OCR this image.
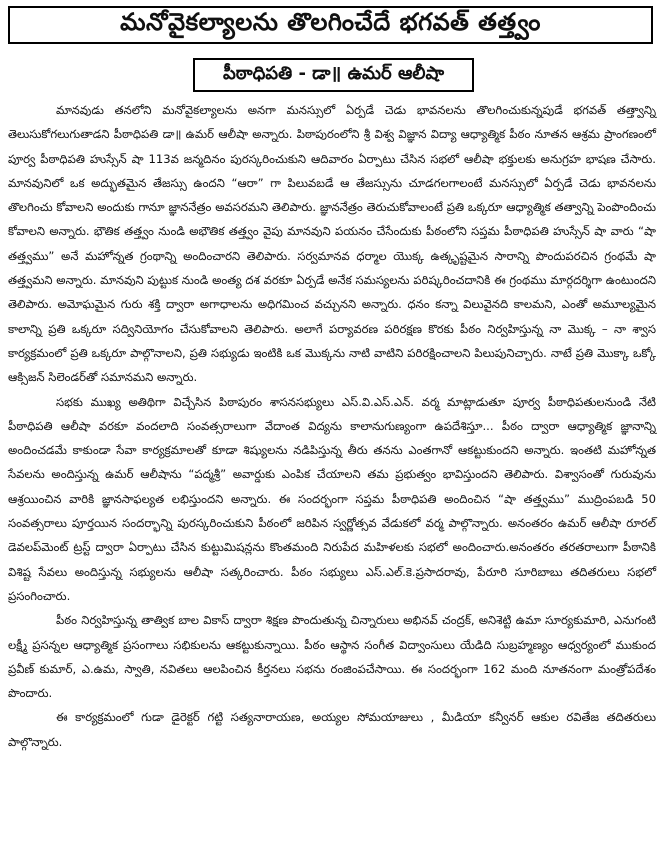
మనోవైకల్యాలను తొలగించేదే భగవత్ తత్త్వం
పీఠాధిపతి - డా॥ ఉమర్ ఆలీషా

మానవుడు తనలోని మనోవైకల్యాలను అనగా మనస్సులో ఏర్పడే చెడు భావనలను తొలగించుకున్నపుడే భగవత్ తత్త్వాన్ని తెలుసుకోగలుగుతాడని పీఠాధిపతి డా॥ ఉమర్ ఆలీషా అన్నారు. పిఠాపురంలోని శ్రీ విశ్వ విజ్ఞాన విద్యా ఆధ్యాత్మిక పీఠం నూతన ఆశ్రమ ప్రాంగణంలో పూర్వ పీఠాధిపతి హుస్సేన్ షా 113వ జన్మదినం పురస్కరించుకుని ఆదివారం ఏర్పాటు చేసిన సభలో ఆలీషా భక్తులకు అనుగ్రహ భాషణ చేసారు. మానవునిలో ఒక అద్భుతమైన తేజస్సు ఉందని “ఆరా” గా పిలువబడే ఆ తేజస్సును చూడగలగాలంటే మనస్సులో ఏర్పడే చెడు భావనలను తొలగించు కోవాలని అందుకు గానూ జ్ఞాననేత్రం అవసరమని తెలిపారు. జ్ఞాననేత్రం తెరుచుకోవాలంటే ప్రతి ఒక్కరూ ఆధ్యాత్మిక తత్వాన్ని పెంపొందించు కోవాలని అన్నారు. భౌతిక తత్త్వం నుండి అభౌతిక తత్త్వం వైపు మానవుని పయనం చేసేందుకు పీఠంలోని సప్తమ పీఠాధిపతి హుస్సేన్ షా వారు “షా తత్త్వము” అనే మహోన్నత గ్రంథాన్ని అందించారని తెలిపారు. సర్వమానవ ధర్మాల యొక్క ఉత్కృష్టమైన సారాన్ని పొందుపరచిన గ్రంథమే షా తత్త్వమని అన్నారు. మానవుని పుట్టుక నుండి అంత్య దశ వరకూ ఏర్పడే అనేక సమస్యలను పరిష్కరించదానికి ఈ గ్రంథము మార్గదర్శిగా ఉంటుందని తెలిపారు. అమోఘమైన గురు శక్తి ద్వారా అగాధాలను అధిగమించ వచ్చునని అన్నారు. ధనం కన్నా విలువైనది కాలమని, ఎంతో అమూల్యమైన కాలాన్ని ప్రతి ఒక్కరూ సద్వినియోగం చేసుకోవాలని తెలిపారు. అలాగే పర్యావరణ పరిరక్షణ కొరకు పీఠం నిర్వహిస్తున్న నా మొక్క – నా శ్వాస కార్యక్రమంలో ప్రతి ఒక్కరూ పాల్గొనాలని, ప్రతి సభ్యుడు ఇంటికి ఒక మొక్కను నాటి వాటిని పరిరక్షించాలని పిలుపునిచ్చారు. నాటే ప్రతి మొక్కా ఒక్కో ఆక్సిజన్ సిలెండర్‌తో సమానమని అన్నారు.

సభకు ముఖ్య అతిథిగా విచ్చేసిన పిఠాపురం శాసనసభ్యులు ఎస్.వి.ఎస్.ఎన్. వర్మ మాట్లాడుతూ పూర్వ పీఠాధిపతులనుండి నేటి పీఠాధిపతి ఆలీషా వరకూ వందలాది సంవత్సరాలుగా వేదాంత విద్యను కాలానుగుణ్యంగా ఉపదేశిస్తూ... పీఠం ద్వారా ఆధ్యాత్మిక జ్ఞానాన్ని అందించడమే కాకుండా సేవా కార్యక్రమాలతో కూడా శిష్యులను నడిపిస్తున్న తీరు తనను ఎంతగానో ఆకట్టుకుందని అన్నారు. ఇంతటి మహోన్నత సేవలను అందిస్తున్న ఉమర్ ఆలీషాను “పద్మశ్రీ” అవార్డుకు ఎంపిక చేయాలని తమ ప్రభుత్వం భావిస్తుందని తెలిపారు. విశ్వాసంతో గురువును ఆశ్రయించిన వారికి జ్ఞానసాఫల్యత లభిస్తుందని అన్నారు. ఈ సందర్భంగా సప్తమ పీఠాధిపతి అందించిన “షా తత్త్వము” ముద్రింపబడి 50 సంవత్సరాలు పూర్తయిన సందర్భాన్ని పురస్కరించుకుని పీఠంలో జరిపిన స్వర్ణోత్సవ వేడుకలో వర్మ పాల్గొన్నారు. అనంతరం ఉమర్ ఆలీషా రూరల్ డెవలప్‌మెంట్ ట్రస్ట్ ద్వారా ఏర్పాటు చేసిన కుట్టుమిషన్లను కొంతమంది నిరుపేద మహిళలకు సభలో అందించారు.అనంతరం తరతరాలుగా పీఠానికి విశిష్ట సేవలు అందిస్తున్న సభ్యులను ఆలీషా సత్కరించారు. పీఠం సభ్యులు ఎస్.ఎల్.కె.ప్రసాదరావు, పేరూరి సూరిబాబు తదితరులు సభలో ప్రసంగించారు.

పీఠం నిర్వహిస్తున్న తాత్విక బాల వికాస్ ద్వారా శిక్షణ పొందుతున్న చిన్నారులు అభినవ్ చంద్రక్, అనిశెట్టి ఉమా సూర్యకుమారి, ఎనుగంటి లక్ష్మీ ప్రసన్నల ఆధ్యాత్మిక ప్రసంగాలు సభికులను ఆకట్టుకున్నాయి. పీఠం ఆస్థాన సంగీత విద్వాంసులు యేడిది సుబ్రహ్మణ్యం ఆధ్వర్యంలో ముకుంద ప్రవీణ్ కుమార్, ఎ.ఉమ, స్వాతి, నవితలు ఆలపించిన కీర్తనలు సభను రంజింపచేసాయి. ఈ సందర్భంగా 162 మంది నూతనంగా మంత్రోపదేశం పొందారు.

ఈ కార్యక్రమంలో గుడా డైరెక్టర్ గట్టి సత్యనారాయణ, అయ్యల సోమయాజులు , మీడియా కన్వీనర్ ఆకుల రవితేజ తదితరులు పాల్గొన్నారు.
